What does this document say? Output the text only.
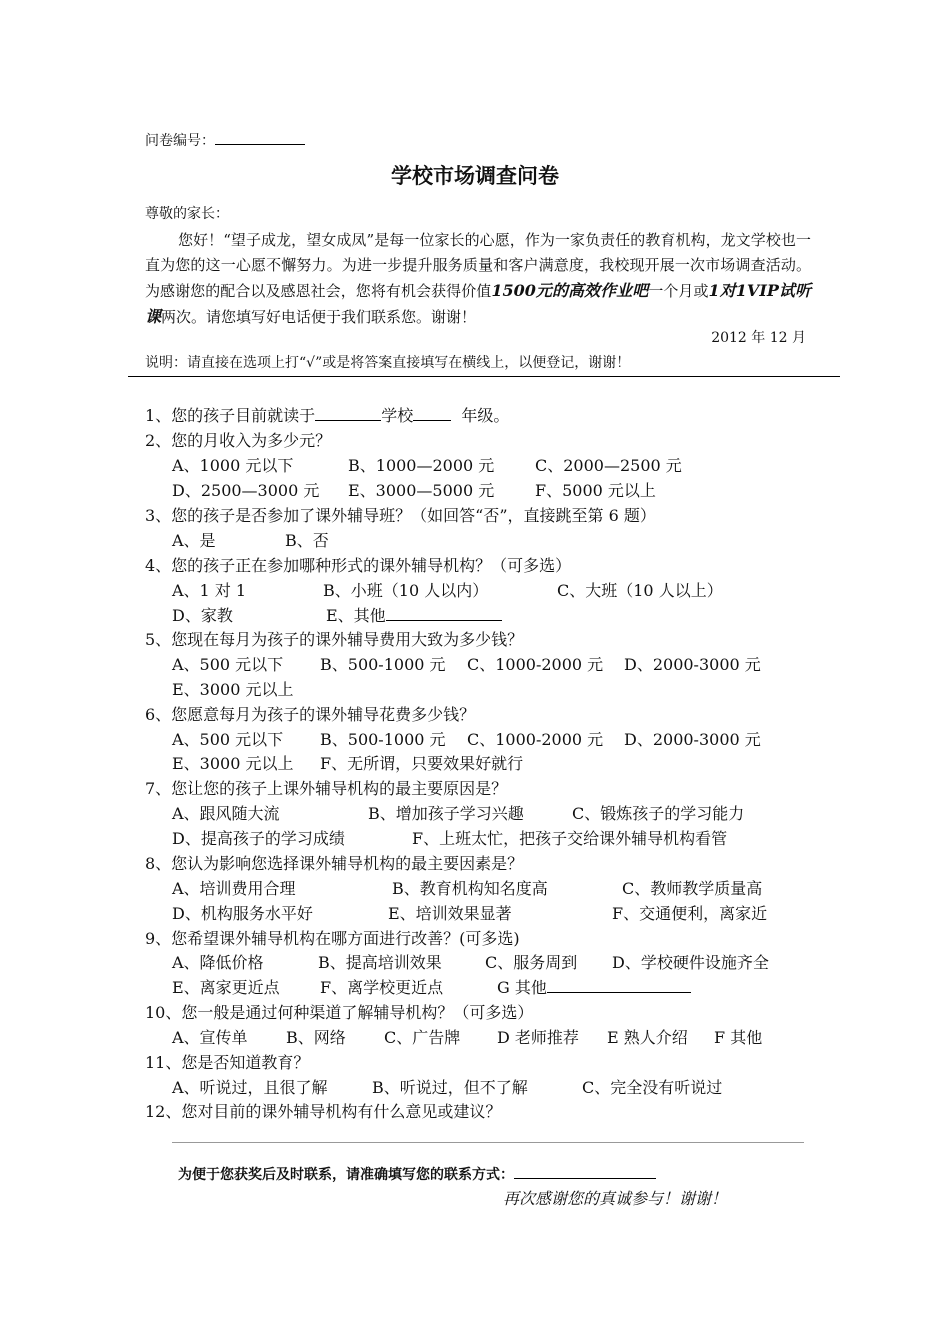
问卷编号：
学校市场调查问卷
尊敬的家长：
您好！“望子成龙，望女成凤”是每一位家长的心愿，作为一家负责任的教育机构，龙文学校也一直为您的这一心愿不懈努力。为进一步提升服务质量和客户满意度，我校现开展一次市场调查活动。为感谢您的配合以及感恩社会，您将有机会获得价值1500元的高效作业吧一个月或1对1VIP试听课两次。请您填写好电话便于我们联系您。谢谢！
2012 年 12 月
说明：请直接在选项上打“√”或是将答案直接填写在横线上，以便登记，谢谢！
1、您的孩子目前就读于	学校	年级。
2、您的月收入为多少元？
A、1000 元以下	B、1000—2000 元	C、2000—2500 元
D、2500—3000 元 E、3000—5000 元	F、5000 元以上
3、您的孩子是否参加了课外辅导班？（如回答“否”，直接跳至第 6 题）
A、是	B、否
4、您的孩子正在参加哪种形式的课外辅导机构？（可多选）
A、1 对 1	B、小班（10 人以内）	C、大班（10 人以上）
D、家教	E、其他
5、您现在每月为孩子的课外辅导费用大致为多少钱？
A、500 元以下 B、500-1000 元 C、1000-2000 元 D、2000-3000 元
E、3000 元以上
6、您愿意每月为孩子的课外辅导花费多少钱？
A、500 元以下 B、500-1000 元 C、1000-2000 元 D、2000-3000 元
E、3000 元以上 F、无所谓，只要效果好就行
7、您让您的孩子上课外辅导机构的最主要原因是？
A、跟风随大流	B、增加孩子学习兴趣	C、锻炼孩子的学习能力
D、提高孩子的学习成绩	F、上班太忙，把孩子交给课外辅导机构看管
8、您认为影响您选择课外辅导机构的最主要因素是？
A、培训费用合理	B、教育机构知名度高	C、教师教学质量高
D、机构服务水平好	E、培训效果显著	F、交通便利，离家近
9、您希望课外辅导机构在哪方面进行改善？(可多选)
A、降低价格	B、提高培训效果	C、服务周到 D、学校硬件设施齐全
E、离家更近点	F、离学校更近点	G 其他
10、您一般是通过何种渠道了解辅导机构？（可多选）
A、宣传单 B、网络 C、广告牌 D 老师推荐 E 熟人介绍 F 其他
11、您是否知道教育？
A、听说过，且很了解	B、听说过，但不了解	C、完全没有听说过
12、您对目前的课外辅导机构有什么意见或建议？
为便于您获奖后及时联系，请准确填写您的联系方式：
再次感谢您的真诚参与！谢谢！
